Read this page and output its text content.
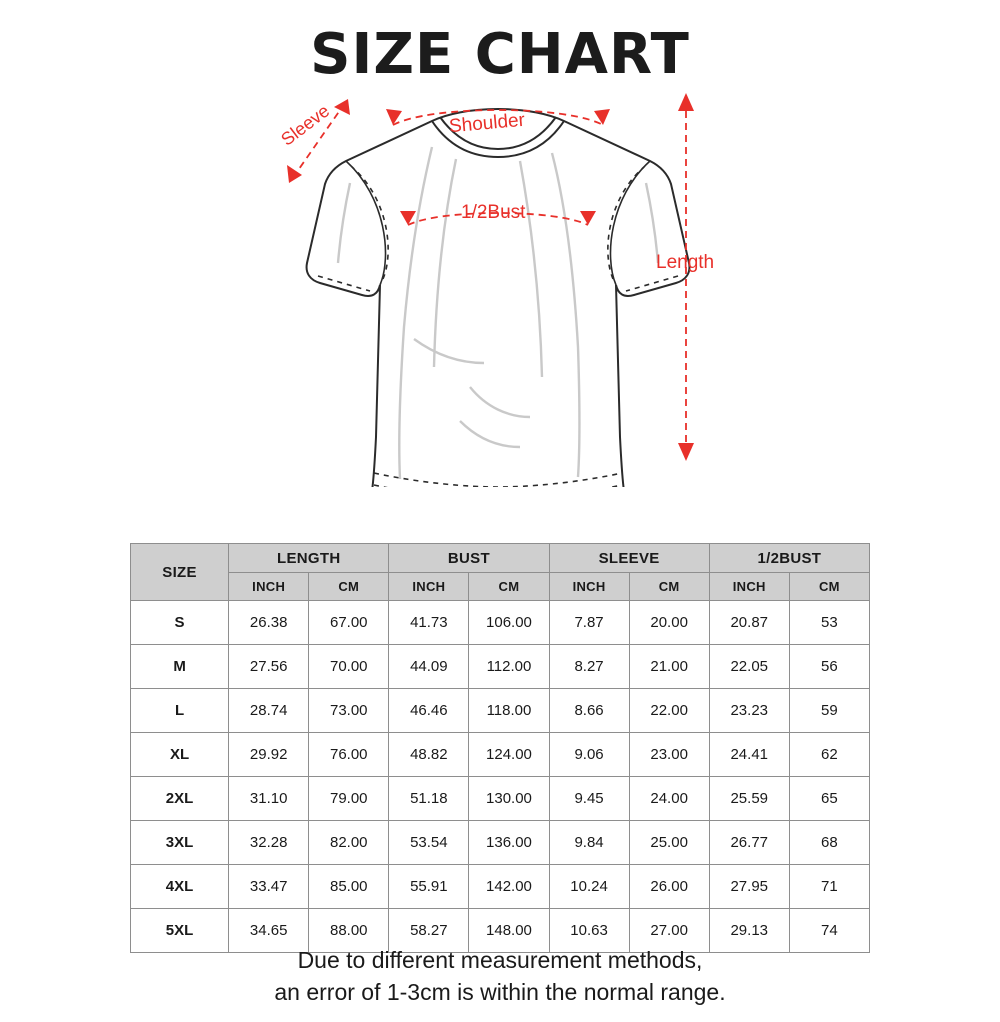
SIZE CHART
Sleeve	Shoulder
1/2Bust
Length
SIZE	LENGTH		BUST		SLEEVE		1/2BUST	
	INCH	CM	INCH	CM	INCH	CM	INCH	CM
S	26.38	67.00	41.73	106.00	7.87	20.00	20.87	53
M	27.56	70.00	44.09	112.00	8.27	21.00	22.05	56
L	28.74	73.00	46.46	118.00	8.66	22.00	23.23	59
XL	29.92	76.00	48.82	124.00	9.06	23.00	24.41	62
2XL	31.10	79.00	51.18	130.00	9.45	24.00	25.59	65
3XL	32.28	82.00	53.54	136.00	9.84	25.00	26.77	68
4XL	33.47	85.00	55.91	142.00	10.24	26.00	27.95	71
5XL	34.65	88.00	58.27	148.00	10.63	27.00	29.13	74
Due to different measurement methods,
an error of 1-3cm is within the normal range.
